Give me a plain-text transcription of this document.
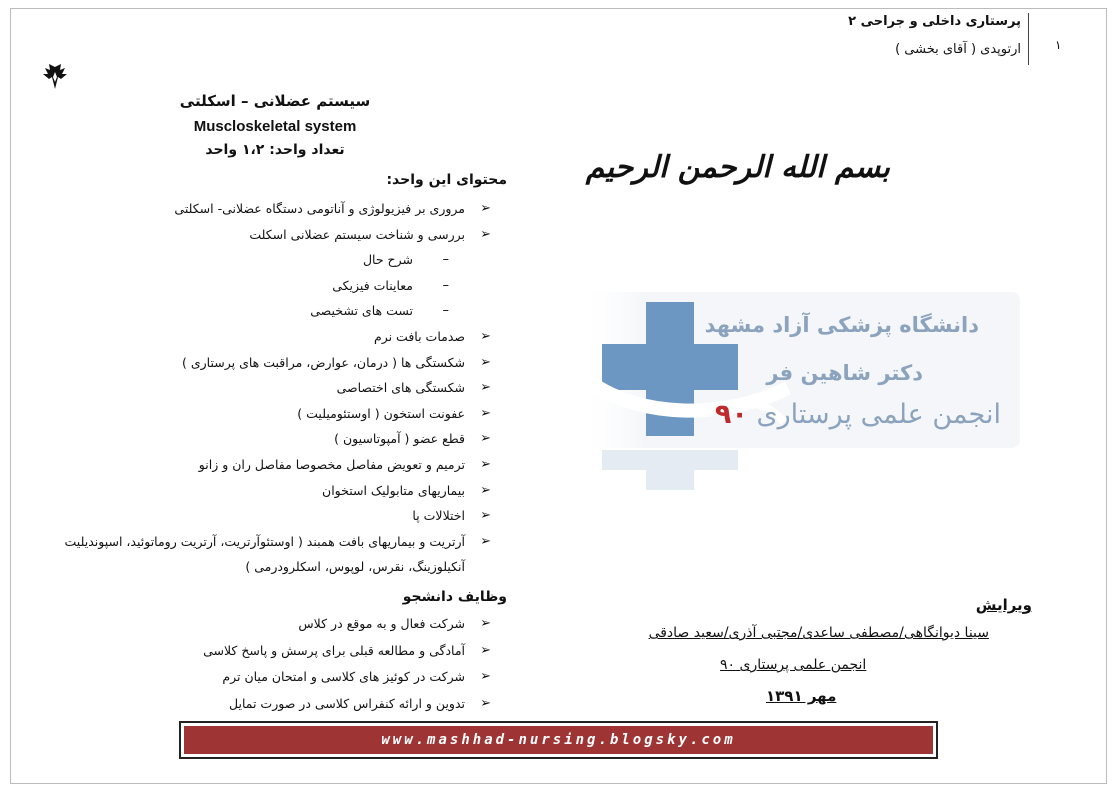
پرستاری داخلی و جراحی ۲
ارتوپدی ( آقای بخشی )	۱
سیستم عضلانی – اسکلتی
Muscloskeletal system
تعداد واحد: ۱،۲ واحد
محتوای این واحد:
➢
مروری بر فیزیولوژی و آناتومی دستگاه عضلانی- اسکلتی
➢
بررسی و شناخت سیستم عضلانی اسکلت
–
شرح حال
–
معاینات فیزیکی
–
تست های تشخیصی
➢
صدمات بافت نرم
➢
شکستگی ها ( درمان، عوارض، مراقبت های پرستاری )
➢
شکستگی های اختصاصی
➢
عفونت استخون ( اوستئومیلیت )
➢
قطع عضو ( آمپوتاسیون )
➢
ترمیم و تعویض مفاصل مخصوصا مفاصل ران و زانو
➢
بیماریهای متابولیک استخوان
➢
اختلالات پا
➢
آرتریت و بیماریهای بافت همبند ( اوستئوآرتریت، آرتریت روماتوئید، اسپوندیلیت
آنکیلوزینگ، نقرس، لوپوس، اسکلرودرمی )
وظایف دانشجو
➢
شرکت فعال و به موقع در کلاس
➢
آمادگی و مطالعه قبلی برای پرسش و پاسخ کلاسی
➢
شرکت در کوئیز های کلاسی و امتحان میان ترم
➢
تدوین و ارائه کنفراس کلاسی در صورت تمایل
بسم الله الرحمن الرحیم
دانشگاه پزشکی آزاد مشهد
دکتر شاهین فر
انجمن علمی پرستاری ۹۰
ویرایش
سینا دیوانگاهی/مصطفی ساعدی/مجتبی آذری/سعید صادقی
انجمن علمی پرستاری ۹۰
مهر ۱۳۹۱
www.mashhad-nursing.blogsky.com
